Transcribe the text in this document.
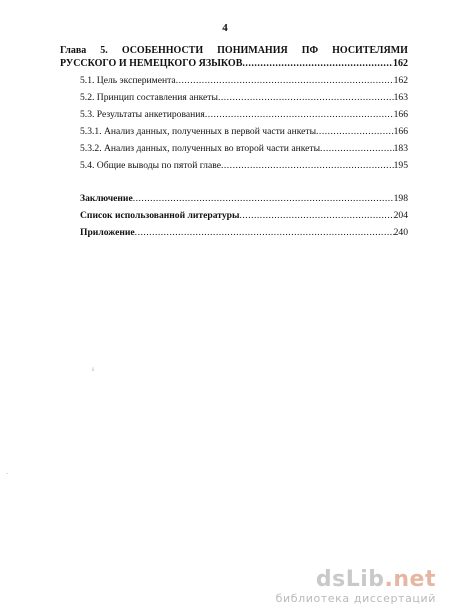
4
Глава 5. ОСОБЕННОСТИ ПОНИМАНИЯ ПФ НОСИТЕЛЯМИ
РУССКОГО И НЕМЕЦКОГО ЯЗЫКОВ .....	162
5.1. Цель эксперимента .....	162
5.2. Принцип составления анкеты .....	163
5.3. Результаты анкетирования .....	166
5.3.1. Анализ данных, полученных в первой части анкеты .....	166
5.3.2. Анализ данных, полученных во второй части анкеты .....	183
5.4. Общие выводы по пятой главе .....	195
Заключение .....	198
Список использованной литературы .....	204
Приложение .....	240
ı
·
dsLib.net
библиотека диссертаций
